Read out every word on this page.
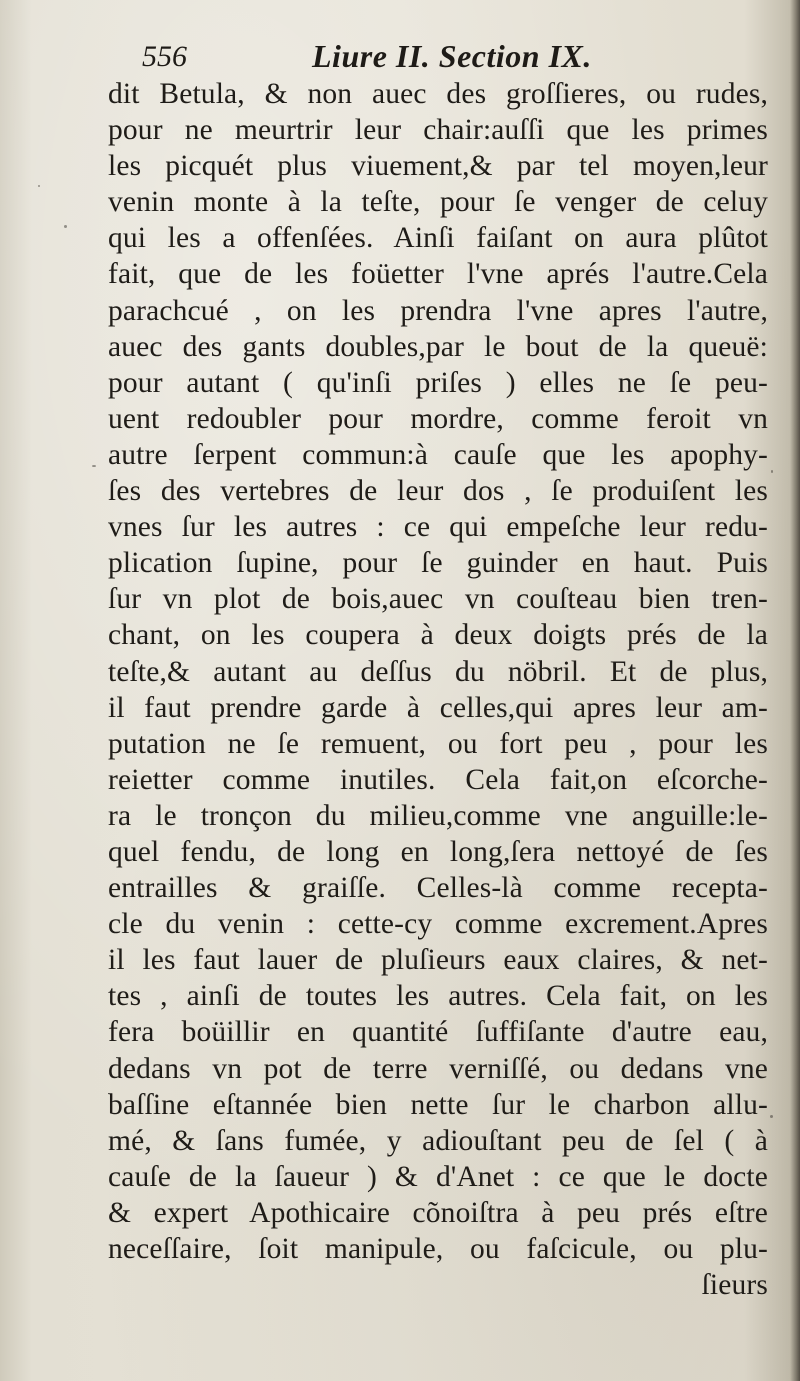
556	Liure II. Section IX.
dit Betula, & non auec des groſſieres, ou rudes,
pour ne meurtrir leur chair:auſſi que les primes
les picquét plus viuement,& par tel moyen,leur
venin monte à la teſte, pour ſe venger de celuy
qui les a offenſées. Ainſi faiſant on aura plûtot
fait, que de les foüetter l'vne aprés l'autre.Cela
parachcué , on les prendra l'vne apres l'autre,
auec des gants doubles,par le bout de la queuë:
pour autant ( qu'inſi priſes ) elles ne ſe peu-
uent redoubler pour mordre, comme feroit vn
autre ſerpent commun:à cauſe que les apophy-
ſes des vertebres de leur dos , ſe produiſent les
vnes ſur les autres : ce qui empeſche leur redu-
plication ſupine, pour ſe guinder en haut. Puis
ſur vn plot de bois,auec vn couſteau bien tren-
chant, on les coupera à deux doigts prés de la
teſte,& autant au deſſus du nöbril. Et de plus,
il faut prendre garde à celles,qui apres leur am-
putation ne ſe remuent, ou fort peu , pour les
reietter comme inutiles. Cela fait,on eſcorche-
ra le tronçon du milieu,comme vne anguille:le-
quel fendu, de long en long,ſera nettoyé de ſes
entrailles & graiſſe. Celles-là comme recepta-
cle du venin : cette-cy comme excrement.Apres
il les faut lauer de pluſieurs eaux claires, & net-
tes , ainſi de toutes les autres. Cela fait, on les
fera boüillir en quantité ſuffiſante d'autre eau,
dedans vn pot de terre verniſſé, ou dedans vne
baſſine eſtannée bien nette ſur le charbon allu-
mé, & ſans fumée, y adiouſtant peu de ſel ( à
cauſe de la ſaueur ) & d'Anet : ce que le docte
& expert Apothicaire cõnoiſtra à peu prés eſtre
neceſſaire, ſoit manipule, ou faſcicule, ou plu-
ſieurs
